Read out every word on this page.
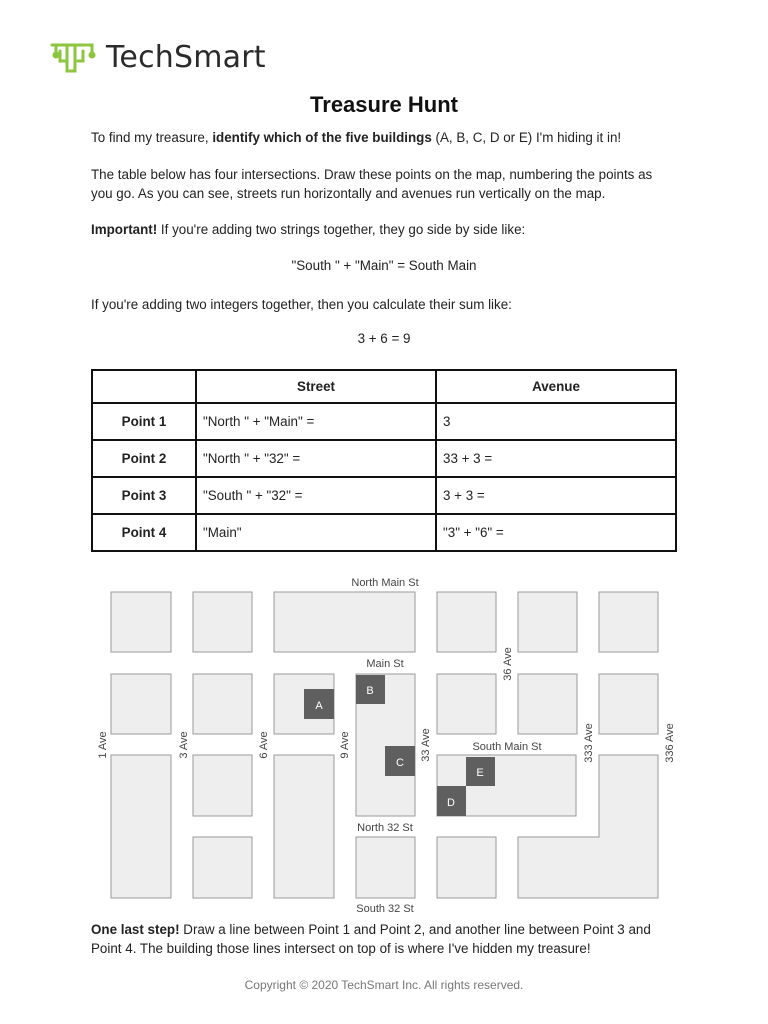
TechSmart
Treasure Hunt
To find my treasure, identify which of the five buildings (A, B, C, D or E) I'm hiding it in!
The table below has four intersections. Draw these points on the map, numbering the points as you go. As you can see, streets run horizontally and avenues run vertically on the map.
Important! If you're adding two strings together, they go side by side like:
"South " + "Main" = South Main
If you're adding two integers together, then you calculate their sum like:
3 + 6 = 9
	Street	Avenue
Point 1	"North " + "Main" =	3
Point 2	"North " + "32" =	33 + 3 =
Point 3	"South " + "32" =	3 + 3 =
Point 4	"Main"	"3" + "6" =
A
B
C
D
E
North Main St
Main St
South Main St
North 32 St
South 32 St
1 Ave	3 Ave	6 Ave	9 Ave	33 Ave
36 Ave
333 Ave	336 Ave
One last step! Draw a line between Point 1 and Point 2, and another line between Point 3 and Point 4. The building those lines intersect on top of is where I've hidden my treasure!
Copyright © 2020 TechSmart Inc. All rights reserved.
